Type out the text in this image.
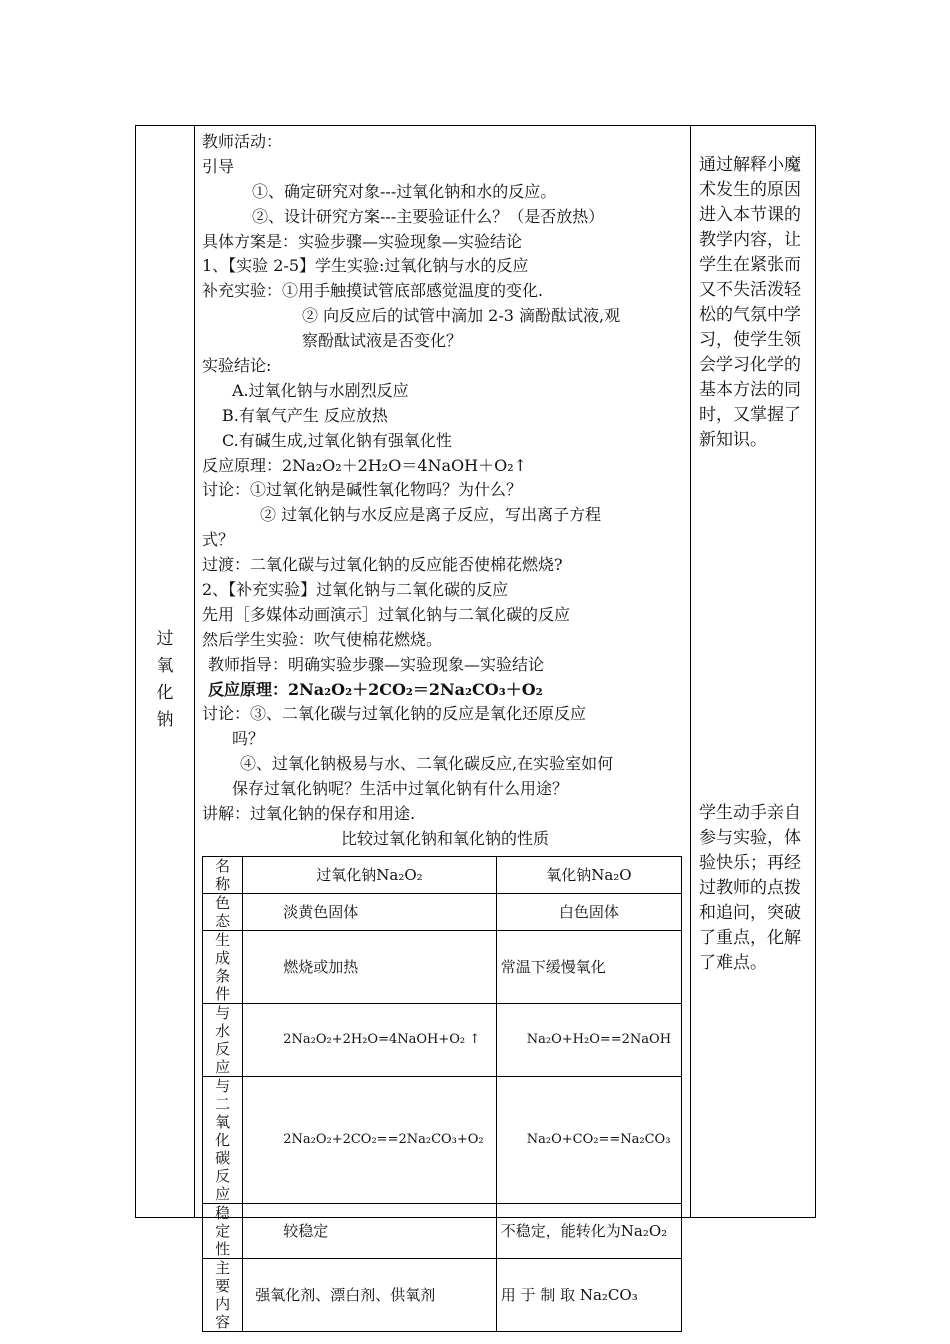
过
氧
化
钠
教师活动：
引导
①、确定研究对象---过氧化钠和水的反应。
②、设计研究方案---主要验证什么？（是否放热）
具体方案是：实验步骤—实验现象—实验结论
1、【实验 2-5】学生实验:过氧化钠与水的反应
补充实验：①用手触摸试管底部感觉温度的变化.
② 向反应后的试管中滴加 2-3 滴酚酞试液,观
察酚酞试液是否变化？
实验结论:
A.过氧化钠与水剧烈反应
B.有氧气产生 反应放热
C.有碱生成,过氧化钠有强氧化性
反应原理：2Na₂O₂＋2H₂O＝4NaOH＋O₂↑
讨论：①过氧化钠是碱性氧化物吗？为什么？
② 过氧化钠与水反应是离子反应，写出离子方程
式？
过渡：二氧化碳与过氧化钠的反应能否使棉花燃烧?
2、【补充实验】过氧化钠与二氧化碳的反应
先用［多媒体动画演示］过氧化钠与二氧化碳的反应
然后学生实验：吹气使棉花燃烧。
教师指导：明确实验步骤—实验现象—实验结论
反应原理：2Na₂O₂＋2CO₂＝2Na₂CO₃＋O₂
讨论：③、二氧化碳与过氧化钠的反应是氧化还原反应
吗？
④、过氧化钠极易与水、二氧化碳反应,在实验室如何
保存过氧化钠呢？生活中过氧化钠有什么用途？
讲解：过氧化钠的保存和用途.
比较过氧化钠和氧化钠的性质
名 称	过氧化钠Na₂O₂	氧化钠Na₂O
色 态	淡黄色固体	白色固体
生 成 条 件	燃烧或加热	常温下缓慢氧化
与 水 反 应	2Na₂O₂+2H₂O=4NaOH+O₂ ↑	Na₂O+H₂O==2NaOH
与 二 氧 化 碳 反 应	2Na₂O₂+2CO₂==2Na₂CO₃+O₂	Na₂O+CO₂==Na₂CO₃
稳 定 性	较稳定	不稳定，能转化为Na₂O₂
主 要 内 容	强氧化剂、漂白剂、供氧剂	用 于 制 取 Na₂CO₃

通过解释小魔术发生的原因进入本节课的教学内容，让学生在紧张而又不失活泼轻松的气氛中学习，使学生领会学习化学的基本方法的同时，又掌握了新知识。

学生动手亲自参与实验，体验快乐；再经过教师的点拨和追问，突破了重点，化解了难点。
